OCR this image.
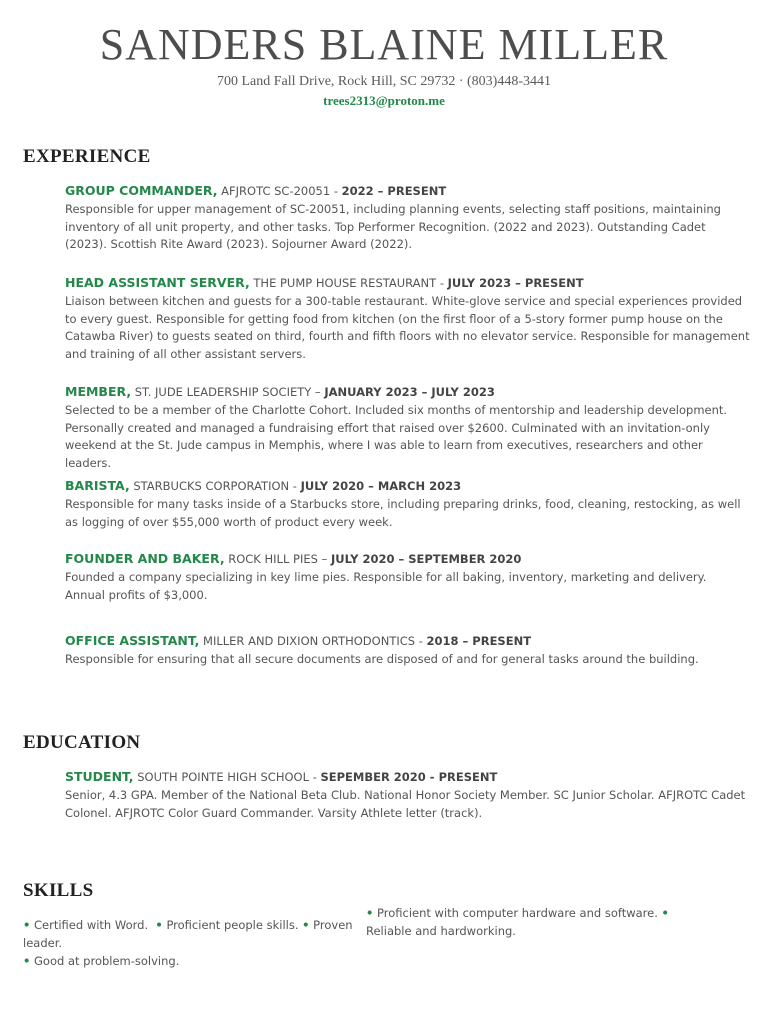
SANDERS BLAINE MILLER
700 Land Fall Drive, Rock Hill, SC 29732 · (803)448-3441
trees2313@proton.me
EXPERIENCE
GROUP COMMANDER, AFJROTC SC-20051 - 2022 – PRESENT
Responsible for upper management of SC-20051, including planning events, selecting staff positions, maintaining inventory of all unit property, and other tasks. Top Performer Recognition. (2022 and 2023). Outstanding Cadet (2023). Scottish Rite Award (2023). Sojourner Award (2022).
HEAD ASSISTANT SERVER, THE PUMP HOUSE RESTAURANT - JULY 2023 – PRESENT
Liaison between kitchen and guests for a 300-table restaurant. White-glove service and special experiences provided to every guest. Responsible for getting food from kitchen (on the first floor of a 5-story former pump house on the Catawba River) to guests seated on third, fourth and fifth floors with no elevator service. Responsible for management and training of all other assistant servers.
MEMBER, ST. JUDE LEADERSHIP SOCIETY – JANUARY 2023 – JULY 2023
Selected to be a member of the Charlotte Cohort. Included six months of mentorship and leadership development. Personally created and managed a fundraising effort that raised over $2600. Culminated with an invitation-only weekend at the St. Jude campus in Memphis, where I was able to learn from executives, researchers and other leaders.
BARISTA, STARBUCKS CORPORATION - JULY 2020 – MARCH 2023
Responsible for many tasks inside of a Starbucks store, including preparing drinks, food, cleaning, restocking, as well as logging of over $55,000 worth of product every week.
FOUNDER AND BAKER, ROCK HILL PIES – JULY 2020 – SEPTEMBER 2020
Founded a company specializing in key lime pies. Responsible for all baking, inventory, marketing and delivery. Annual profits of $3,000.
OFFICE ASSISTANT, MILLER AND DIXION ORTHODONTICS - 2018 – PRESENT
Responsible for ensuring that all secure documents are disposed of and for general tasks around the building.
EDUCATION
STUDENT, SOUTH POINTE HIGH SCHOOL - SEPEMBER 2020 - PRESENT
Senior, 4.3 GPA. Member of the National Beta Club. National Honor Society Member. SC Junior Scholar. AFJROTC Cadet Colonel. AFJROTC Color Guard Commander. Varsity Athlete letter (track).
SKILLS
• Certified with Word. • Proficient people skills. • Proven leader.
• Good at problem-solving.
• Proficient with computer hardware and software. • Reliable and hardworking.
